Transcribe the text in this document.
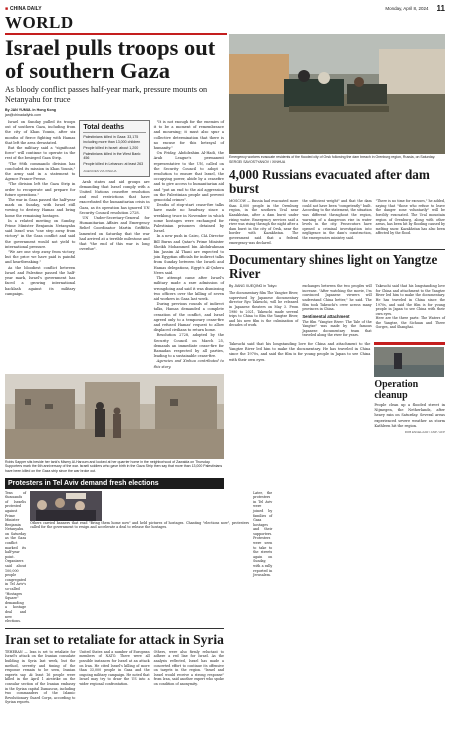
■ CHINA DAILY	Monday, April 8, 2024 11
WORLD
Israel pulls troops out of southern Gaza
As bloody conflict passes half-year mark, pressure mounts on Netanyahu for truce
By JAN YUMUL in Hong Kong
jan@chinadailyhk.com

Israel on Sunday pulled its troops out of southern Gaza, including from the city of Khan Younis, after six months of fierce fighting with Hamas that left the area devastated.

But the military said a "significant force" will continue to operate in the rest of the besieged Gaza Strip.

"The 98th commando division has concluded its mission in Khan Younis," the army said in a statement to Agence France-Presse.

"The division left the Gaza Strip in order to recuperate and prepare for future operations."

The war in Gaza passed the half-year mark on Sunday, with Israel still vowing to destroy Hamas and bring home the remaining hostages.

In a related meeting on Sunday, Prime Minister Benjamin Netanyahu said Israel was "one step away from victory" in the Gaza conflict and said the government would not yield to international pressure.

"We are one step away from victory, but the price we have paid is painful and heartbreaking."

As the bloodiest conflict between Israel and Palestine passed the half-year mark, Israel's government has faced a growing international backlash against its military campaign.

Total deaths
Palestinians killed in Gaza: 33,175 including more than 13,000 children
People killed in Israel: about 1,200
Palestinians killed in the West Bank: 456
People killed in Lebanon: at least 263
AGENCIES VIA XINHUA

Arab states and aid groups are demanding that Israel comply with a United Nations ceasefire resolution and end restrictions that have exacerbated the humanitarian crisis in Gaza, as its operation has ignored UN Security Council resolution 2728.

UN Under-Secretary-General for Humanitarian Affairs and Emergency Relief Coordinator Martin Griffiths lamented on Saturday that the war had arrived at a terrible milestone and that "the end of this war is long overdue".

"It is not enough for the enemies of it to be a moment of remembrance and mourning; it must also spur a collective determination that there is no excuse for this betrayal of humanity."

On Friday, Abdolrahim Al-Hadi, the Arab League's permanent representative to the UN, called on the Security Council to adopt a resolution to ensure that Israel, the occupying power, abide by a ceasefire and to give access to humanitarian aid and "put an end to the aid aggression on the Palestinian people and prevent genocidal crimes".

Deaths of stop-start cease-fire talks have made no headway since a weeklong truce in November in which some hostages were exchanged for Palestinian prisoners detained by Israel.

In a new push in Cairo, CIA Director Bill Burns and Qatar's Prime Minister Sheikh Mohammed bin Abdulrahman bin Jassim Al Thani are expected to join Egyptian officials for indirect talks from Sunday between the Israeli and Hamas delegations, Egypt's Al-Qahera News said.

The attempt came after Israel's military made a rare admission of wrongdoing and said it was dismissing two officers over the killing of seven aid workers in Gaza last week.

During previous rounds of indirect talks, Hamas demanded a complete cessation of the conflict, and Israel agreed only to a temporary cease-fire and refused Hamas' request to allow displaced civilians to return home.

Resolution 2728, adopted by the Security Council on March 25, demands an immediate cease-fire for Ramadan respected by all parties, leading to a sustainable cease-fire.

Agencies and Xinhua contributed to this story.

Robis Sapper sits beside her tank's Misery Al-Haroum and looked at her quarrier home in the neighborhood of Zawaida on Thursday. Supporters mark the 6th anniversary of the war. Israeli soldiers who gave birth in the Gaza Strip then say that more than 13,000 Palestinians have been killed on the Gaza strip since the war broke out.
Protesters in Tel Aviv demand fresh elections
Tens of thousands of Israelis protested against Prime Minister Benjamin Netanyahu on Saturday as the Gaza conflict marked its half-year point. Organizers said about 100,000 people congregated in Tel Aviv's so-called "Hostages Square" demanding a hostage deal and new elections.
Others carried banners that read "Bring them home now" and held pictures of hostages. Chanting "elections now", protesters called for the government to resign and accelerate a deal to release the hostages.
Later, the protesters in Tel Aviv were joined by families of Gaza hostages and their supporters. Protesters were seen to take to the streets again on Sunday, with a rally reported in Jerusalem.
Iran set to retaliate for attack in Syria
TEHERAN — Iran is set to retaliate for Israel's attack on the Iranian consulate building in Syria last week, but the method, severity and timing of the response remain to be seen, Iranian experts say. At least 16 people were killed in the April 1 airstrike on the consular section of the Iranian embassy in the Syrian capital Damascus, including two commanders of the Islamic Revolutionary Guard Corps, according to Syrian reports.
United States and a number of European members of NATO. There were all possible instances for Israel at an attack on Iran. He cited Israel's killing of more than 33,000 people in Gaza and the ongoing military campaign. He noted that Israel may try to draw the US into a wider regional confrontation.
Others, were also firmly reluctant to adhere a red line for Israel. As the analysis reflected, Israel has made a concerted effort to continue its offensive on targets in the region. "Israel and Israel would receive a strong response" from Iran, said another expert who spoke on condition of anonymity.
Emergency workers evacuate residents of the flooded city of Orsk following the dam breach in Orenburg region, Russia, on Saturday. SERGEI SAVOSTYANOV / XINHUA
4,000 Russians evacuated after dam burst
MOSCOW — Russia had evacuated more than 4,000 people in the Orenburg region, in the southern Ural near Kazakhstan, after a dam burst under rising water. Emergency services said a river was rising through the night after a dam burst in the city of Orsk, near the border with Kazakhstan. The government said that a federal emergency was declared.
the sufficient weight" and that the dam could not have been "competently" built. According to the statement, the situation was different throughout the region, warning of a dangerous rise in water levels in the city. Prosecutors have opened a criminal investigation into negligence in the dam's construction, the emergencies ministry said.
"There is no time for excuses," he added, saying that "those who refuse to leave the danger zone voluntarily" will be forcibly evacuated. The Ural mountain region of Orenburg, along with other areas, has been hit by flooding caused by melting snow. Kazakhstan has also been affected by the flood.
Documentary shines light on Yangtze River
By JIANG XUEQING in Tokyo
The documentary film The Yangtze River, supervised by Japanese documentary director Ryo Takeuchi, will be released in Japanese theaters on May 3. From 1980 to 2021, Takeuchi made several trips to China to film the Yangtze River, and his new film is the culmination of decades of work.
exchanges between the two peoples will increase. "After watching the movie, I'm convinced Japanese viewers will understand China better," he said. The film took Takeuchi's crew across many provinces in China.
Sentimental attachment
The film "Yangtze River: The Tale of the Yangtze" was made by the famous Japanese documentary team that traveled along the river for years.
Takeuchi said that his longstanding love for China and attachment to the Yangtze River led him to make the documentary. He has traveled in China since the 1970s, and said the film is for young people in Japan to see China with their own eyes.
Here are the three parts: The Waters of the Yangtze, the Sichuan and Three Gorges, and Shanghai.
Takeuchi said that his longstanding love for China and attachment to the Yangtze River led him to make the documentary. He has traveled in China since the 1970s, and said the film is for young people in Japan to see China with their own eyes.
Operation cleanup
People clean up a flooded street in Nijmegen, the Netherlands, after heavy rain on Saturday. Several areas experienced severe weather as storm Kathleen hit the region.
ROB ENGELAAR / ANP / AFP
